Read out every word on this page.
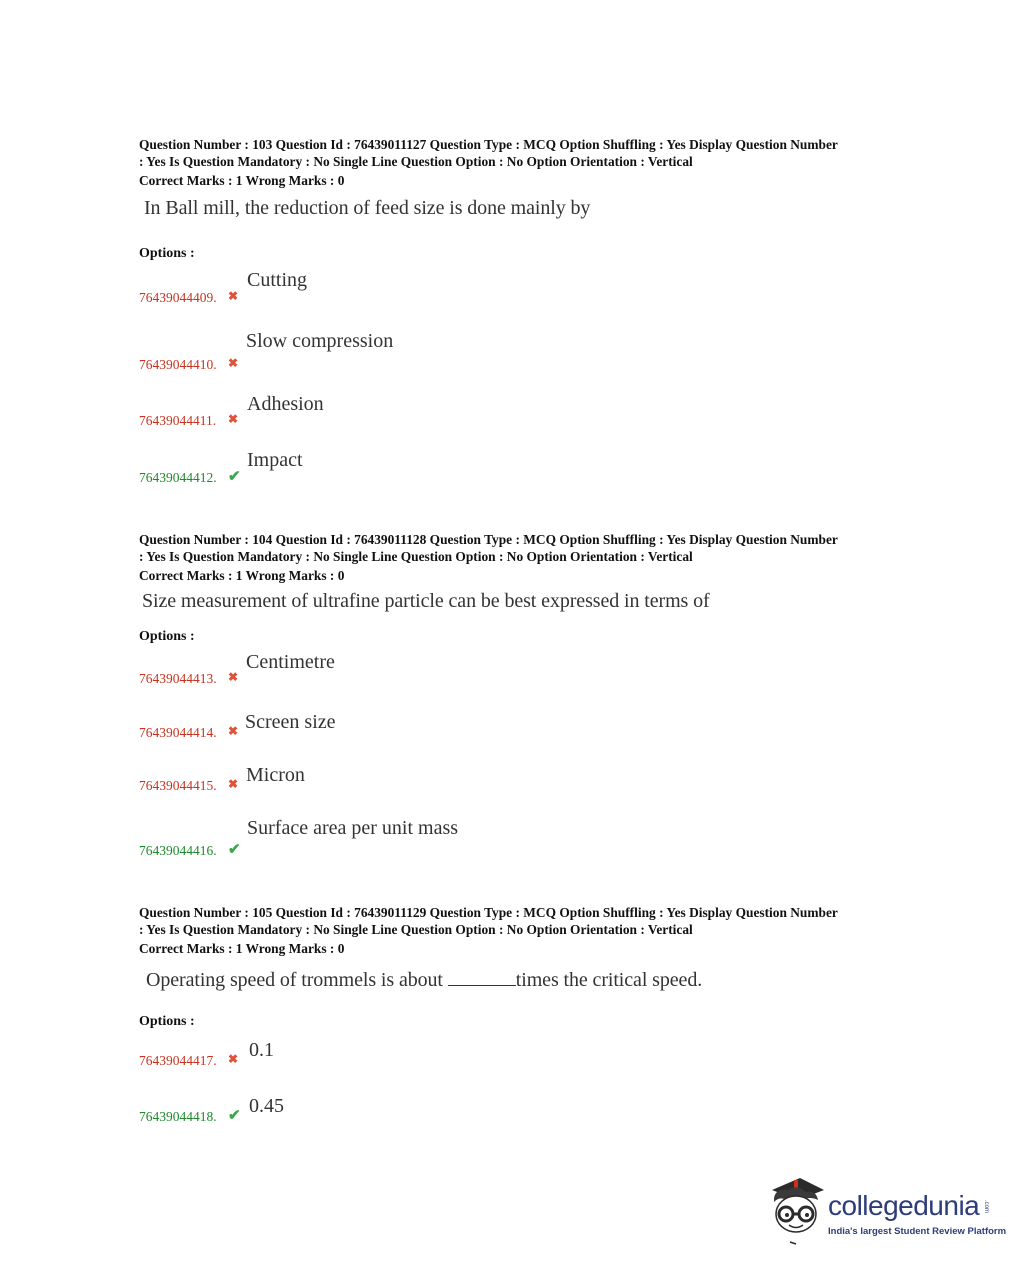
Question Number : 103 Question Id : 76439011127 Question Type : MCQ Option Shuffling : Yes Display Question Number
: Yes Is Question Mandatory : No Single Line Question Option : No Option Orientation : Vertical

Correct Marks : 1 Wrong Marks : 0

In Ball mill, the reduction of feed size is done mainly by
Options :
Cutting
76439044409. ✖
Slow compression
76439044410. ✖
Adhesion
76439044411. ✖
Impact
76439044412. ✔

Question Number : 104 Question Id : 76439011128 Question Type : MCQ Option Shuffling : Yes Display Question Number
: Yes Is Question Mandatory : No Single Line Question Option : No Option Orientation : Vertical

Correct Marks : 1 Wrong Marks : 0

Size measurement of ultrafine particle can be best expressed in terms of
Options :
Centimetre
76439044413. ✖
Screen size
76439044414. ✖
Micron
76439044415. ✖
Surface area per unit mass
76439044416. ✔

Question Number : 105 Question Id : 76439011129 Question Type : MCQ Option Shuffling : Yes Display Question Number
: Yes Is Question Mandatory : No Single Line Question Option : No Option Orientation : Vertical

Correct Marks : 1 Wrong Marks : 0

Operating speed of trommels is about	times the critical speed.
Options :
0.1
76439044417. ✖
0.45
76439044418. ✔
collegedunia .com
India's largest Student Review Platform
